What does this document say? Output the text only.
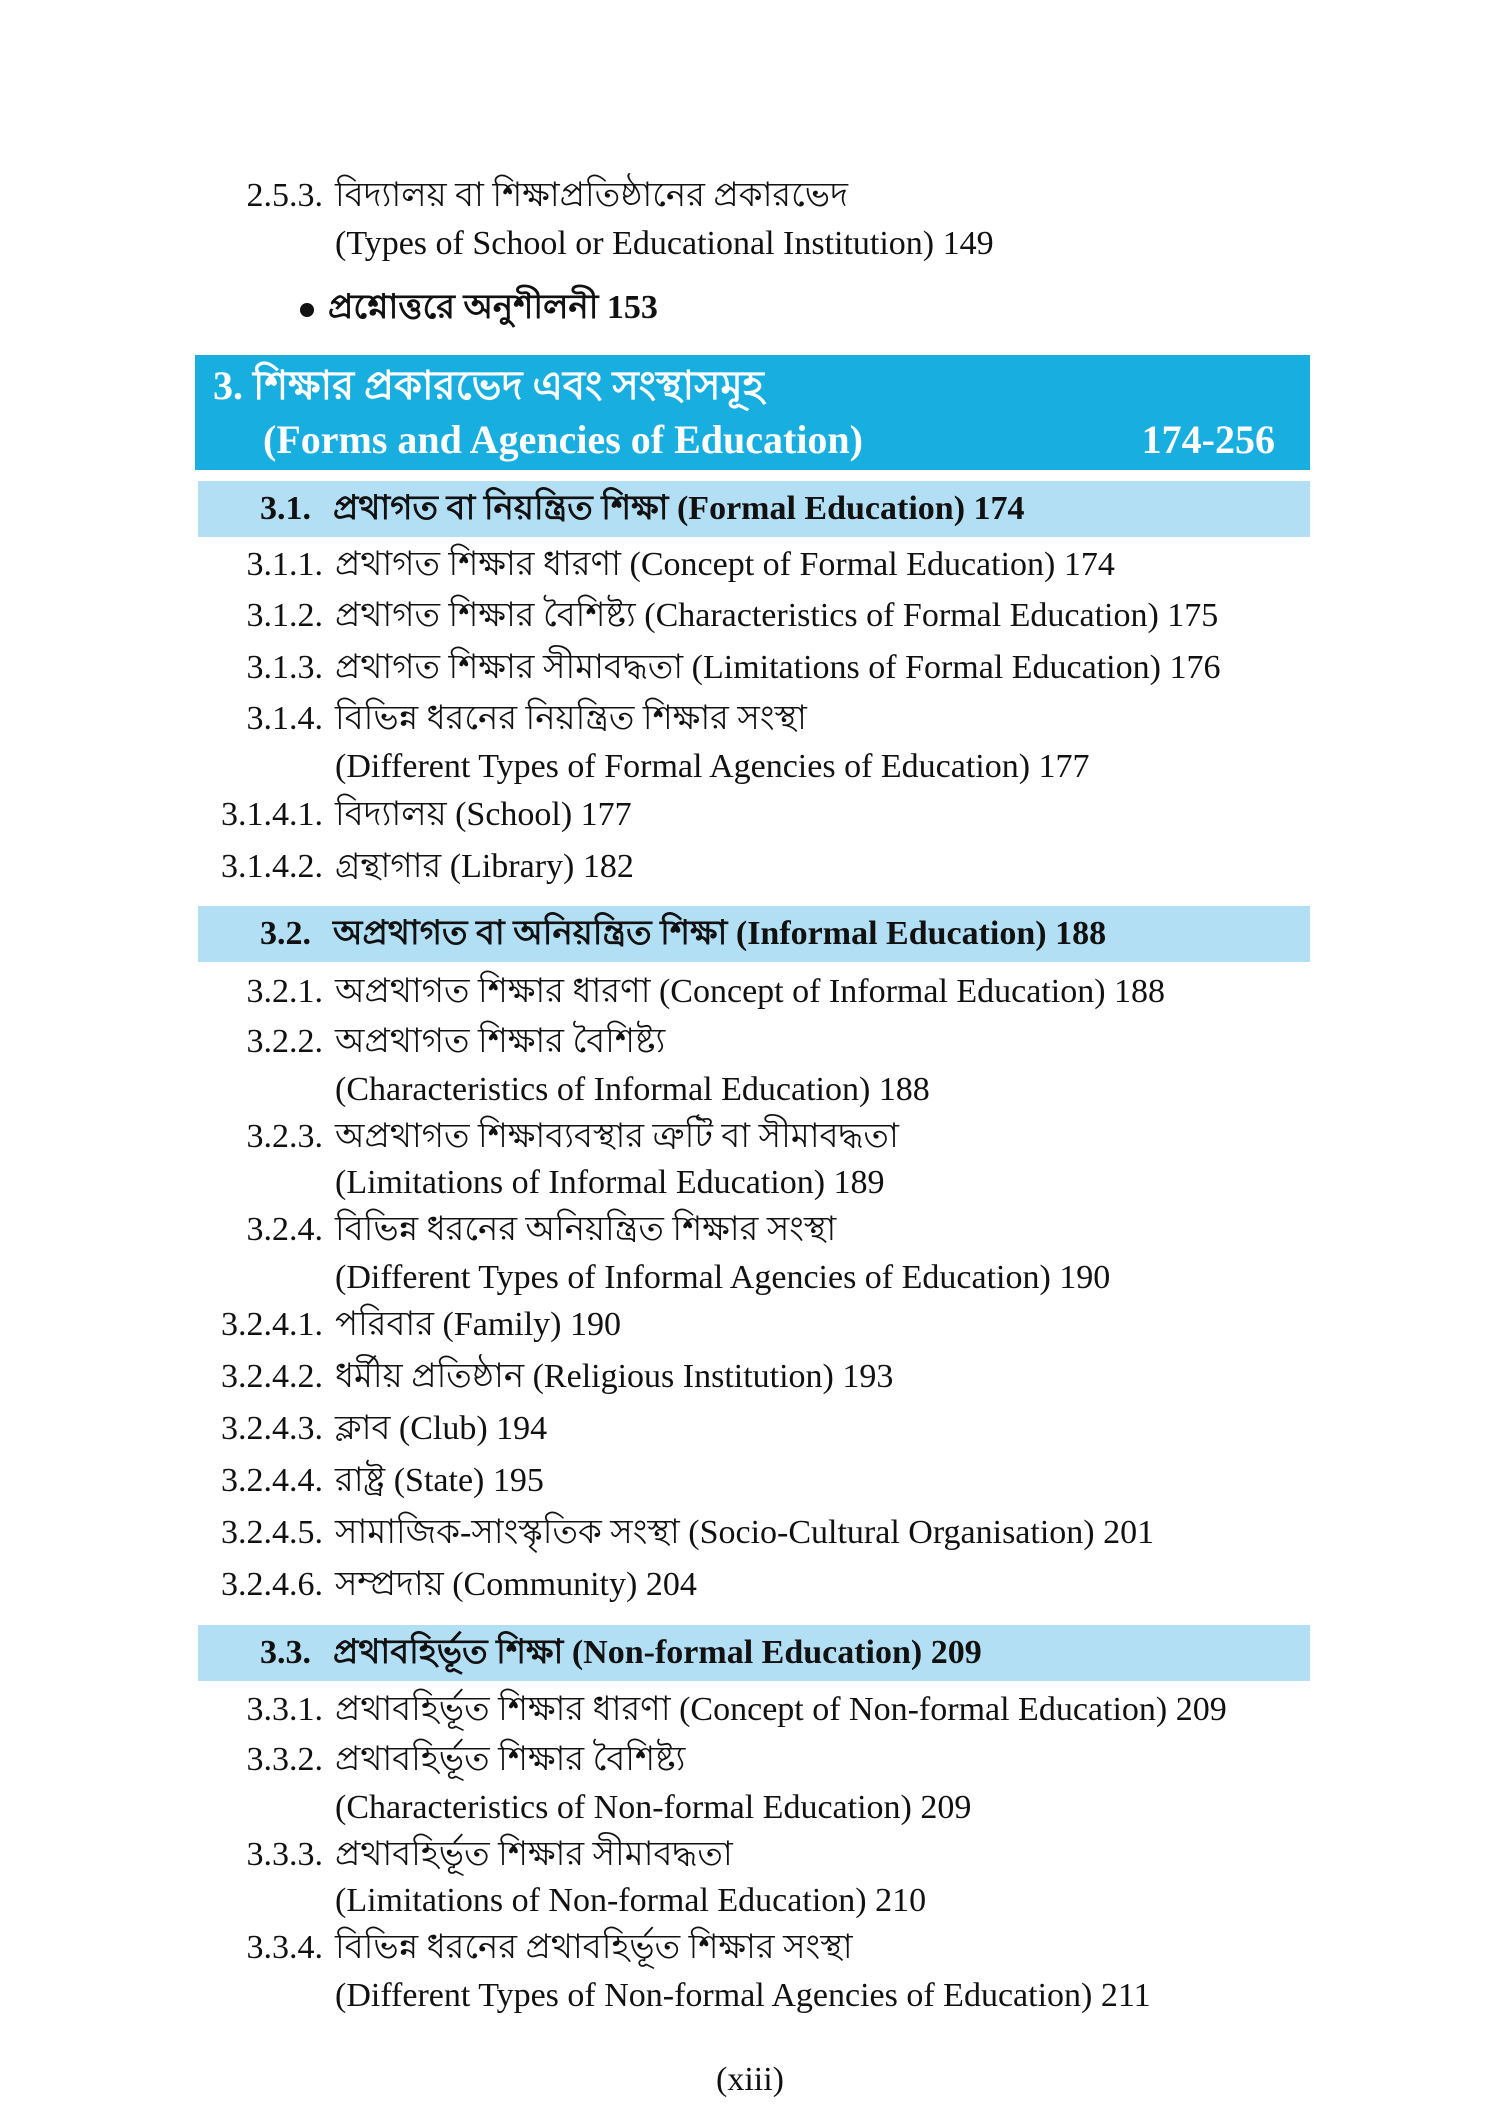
2.5.3. বিদ্যালয় বা শিক্ষাপ্রতিষ্ঠানের প্রকারভেদ
(Types of School or Educational Institution) 149
প্রশ্নোত্তরে অনুশীলনী 153
3. শিক্ষার প্রকারভেদ এবং সংস্থাসমূহ
(Forms and Agencies of Education)	174-256
3.1. প্রথাগত বা নিয়ন্ত্রিত শিক্ষা (Formal Education) 174
3.1.1. প্রথাগত শিক্ষার ধারণা (Concept of Formal Education) 174
3.1.2. প্রথাগত শিক্ষার বৈশিষ্ট্য (Characteristics of Formal Education) 175
3.1.3. প্রথাগত শিক্ষার সীমাবদ্ধতা (Limitations of Formal Education) 176
3.1.4. বিভিন্ন ধরনের নিয়ন্ত্রিত শিক্ষার সংস্থা
(Different Types of Formal Agencies of Education) 177
3.1.4.1. বিদ্যালয় (School) 177
3.1.4.2. গ্রন্থাগার (Library) 182
3.2. অপ্রথাগত বা অনিয়ন্ত্রিত শিক্ষা (Informal Education) 188
3.2.1. অপ্রথাগত শিক্ষার ধারণা (Concept of Informal Education) 188
3.2.2. অপ্রথাগত শিক্ষার বৈশিষ্ট্য
(Characteristics of Informal Education) 188
3.2.3. অপ্রথাগত শিক্ষাব্যবস্থার ত্রুটি বা সীমাবদ্ধতা
(Limitations of Informal Education) 189
3.2.4. বিভিন্ন ধরনের অনিয়ন্ত্রিত শিক্ষার সংস্থা
(Different Types of Informal Agencies of Education) 190
3.2.4.1. পরিবার (Family) 190
3.2.4.2. ধর্মীয় প্রতিষ্ঠান (Religious Institution) 193
3.2.4.3. ক্লাব (Club) 194
3.2.4.4. রাষ্ট্র (State) 195
3.2.4.5. সামাজিক-সাংস্কৃতিক সংস্থা (Socio-Cultural Organisation) 201
3.2.4.6. সম্প্রদায় (Community) 204
3.3. প্রথাবহির্ভূত শিক্ষা (Non-formal Education) 209
3.3.1. প্রথাবহির্ভূত শিক্ষার ধারণা (Concept of Non-formal Education) 209
3.3.2. প্রথাবহির্ভূত শিক্ষার বৈশিষ্ট্য
(Characteristics of Non-formal Education) 209
3.3.3. প্রথাবহির্ভূত শিক্ষার সীমাবদ্ধতা
(Limitations of Non-formal Education) 210
3.3.4. বিভিন্ন ধরনের প্রথাবহির্ভূত শিক্ষার সংস্থা
(Different Types of Non-formal Agencies of Education) 211
(xiii)
